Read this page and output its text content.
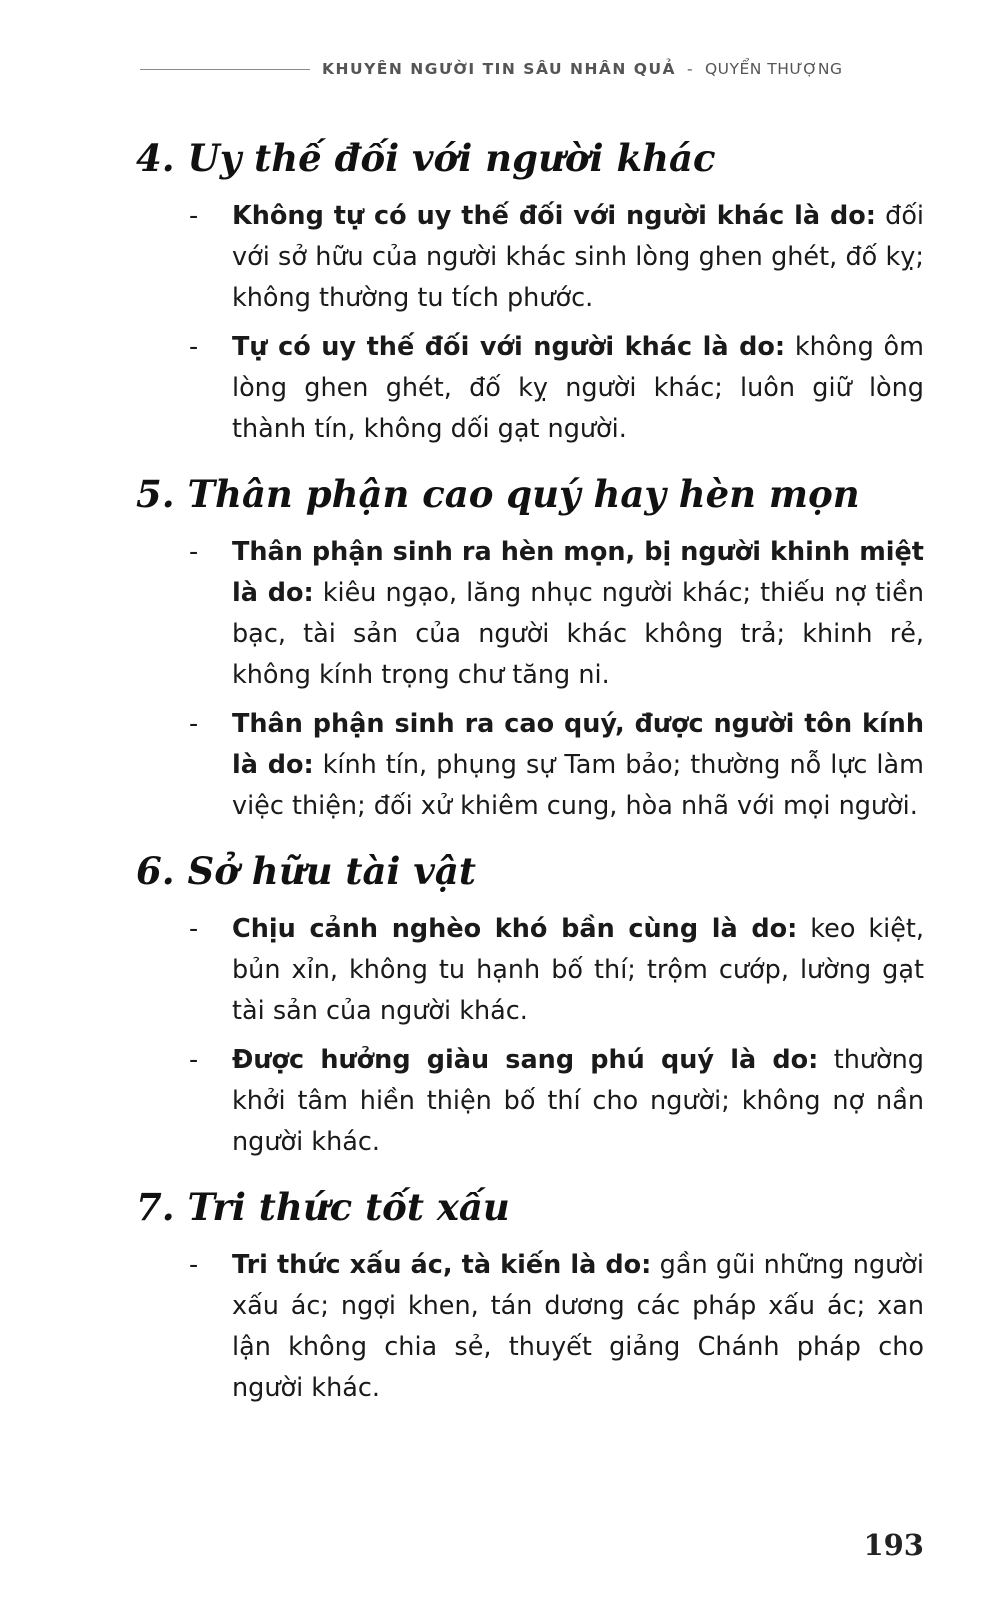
KHUYÊN NGƯỜI TIN SÂU NHÂN QUẢ - QUYỂN THƯỢNG
4. Uy thế đối với người khác
- Không tự có uy thế đối với người khác là do: đối với sở hữu của người khác sinh lòng ghen ghét, đố kỵ; không thường tu tích phước.
- Tự có uy thế đối với người khác là do: không ôm lòng ghen ghét, đố kỵ người khác; luôn giữ lòng thành tín, không dối gạt người.
5. Thân phận cao quý hay hèn mọn
- Thân phận sinh ra hèn mọn, bị người khinh miệt là do: kiêu ngạo, lăng nhục người khác; thiếu nợ tiền bạc, tài sản của người khác không trả; khinh rẻ, không kính trọng chư tăng ni.
- Thân phận sinh ra cao quý, được người tôn kính là do: kính tín, phụng sự Tam bảo; thường nỗ lực làm việc thiện; đối xử khiêm cung, hòa nhã với mọi người.
6. Sở hữu tài vật
- Chịu cảnh nghèo khó bần cùng là do: keo kiệt, bủn xỉn, không tu hạnh bố thí; trộm cướp, lường gạt tài sản của người khác.
- Được hưởng giàu sang phú quý là do: thường khởi tâm hiền thiện bố thí cho người; không nợ nần người khác.
7. Tri thức tốt xấu
- Tri thức xấu ác, tà kiến là do: gần gũi những người xấu ác; ngợi khen, tán dương các pháp xấu ác; xan lận không chia sẻ, thuyết giảng Chánh pháp cho người khác.
193
